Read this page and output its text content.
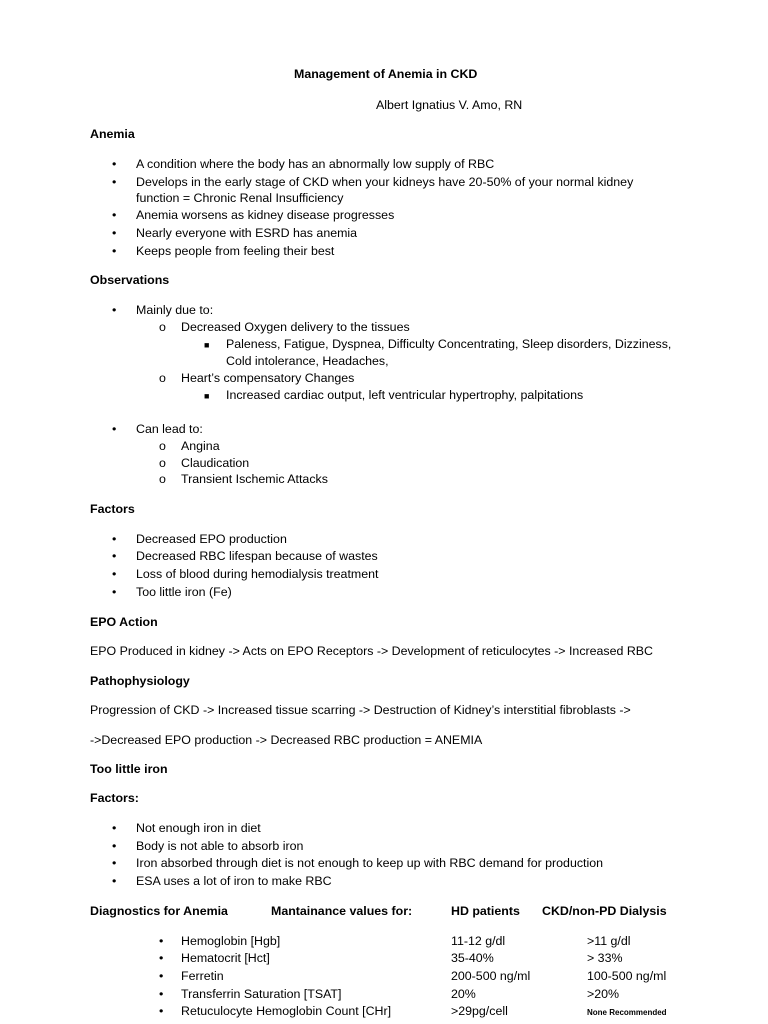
Management of Anemia in CKD
Albert Ignatius V. Amo, RN
Anemia
• A condition where the body has an abnormally low supply of RBC
• Develops in the early stage of CKD when your kidneys have 20-50% of your normal kidney
function = Chronic Renal Insufficiency
• Anemia worsens as kidney disease progresses
• Nearly everyone with ESRD has anemia
• Keeps people from feeling their best
Observations
• Mainly due to:
o Decreased Oxygen delivery to the tissues
■ Paleness, Fatigue, Dyspnea, Difficulty Concentrating, Sleep disorders, Dizziness,
Cold intolerance, Headaches,
o Heart’s compensatory Changes
■ Increased cardiac output, left ventricular hypertrophy, palpitations
• Can lead to:
o Angina
o Claudication
o Transient Ischemic Attacks
Factors
• Decreased EPO production
• Decreased RBC lifespan because of wastes
• Loss of blood during hemodialysis treatment
• Too little iron (Fe)
EPO Action
EPO Produced in kidney -> Acts on EPO Receptors -> Development of reticulocytes -> Increased RBC
Pathophysiology
Progression of CKD -> Increased tissue scarring -> Destruction of Kidney’s interstitial fibroblasts ->
->Decreased EPO production -> Decreased RBC production = ANEMIA
Too little iron
Factors:
• Not enough iron in diet
• Body is not able to absorb iron
• Iron absorbed through diet is not enough to keep up with RBC demand for production
• ESA uses a lot of iron to make RBC
Diagnostics for Anemia	Mantainance values for:	HD patients CKD/non-PD Dialysis
• Hemoglobin [Hgb]	11-12 g/dl	>11 g/dl
• Hematocrit [Hct]	35-40%	> 33%
• Ferretin	200-500 ng/ml	100-500 ng/ml
• Transferrin Saturation [TSAT]	20%	>20%
• Retuculocyte Hemoglobin Count [CHr]	>29pg/cell	None Recommended
